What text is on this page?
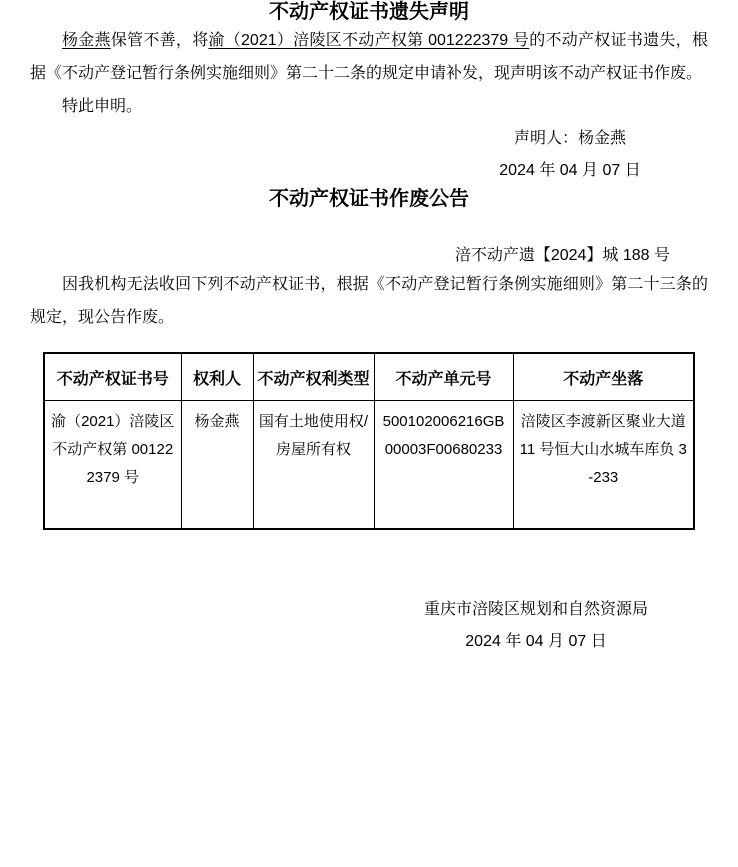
不动产权证书遗失声明

杨金燕保管不善，将渝（2021）涪陵区不动产权第 001222379 号的不动产权证书遗失，根据《不动产登记暂行条例实施细则》第二十二条的规定申请补发，现声明该不动产权证书作废。

特此申明。

声明人：杨金燕

2024 年 04 月 07 日

不动产权证书作废公告

涪不动产遗【2024】城 188 号

因我机构无法收回下列不动产权证书，根据《不动产登记暂行条例实施细则》第二十三条的规定，现公告作废。

不动产权证书号	权利人	不动产权利类型	不动产单元号	不动产坐落
渝（2021）涪陵区不动产权第 001222379 号	杨金燕	国有土地使用权/房屋所有权	500102006216GB00003F00680233	涪陵区李渡新区聚业大道 11 号恒大山水城车库负 3-233

重庆市涪陵区规划和自然资源局

2024 年 04 月 07 日
